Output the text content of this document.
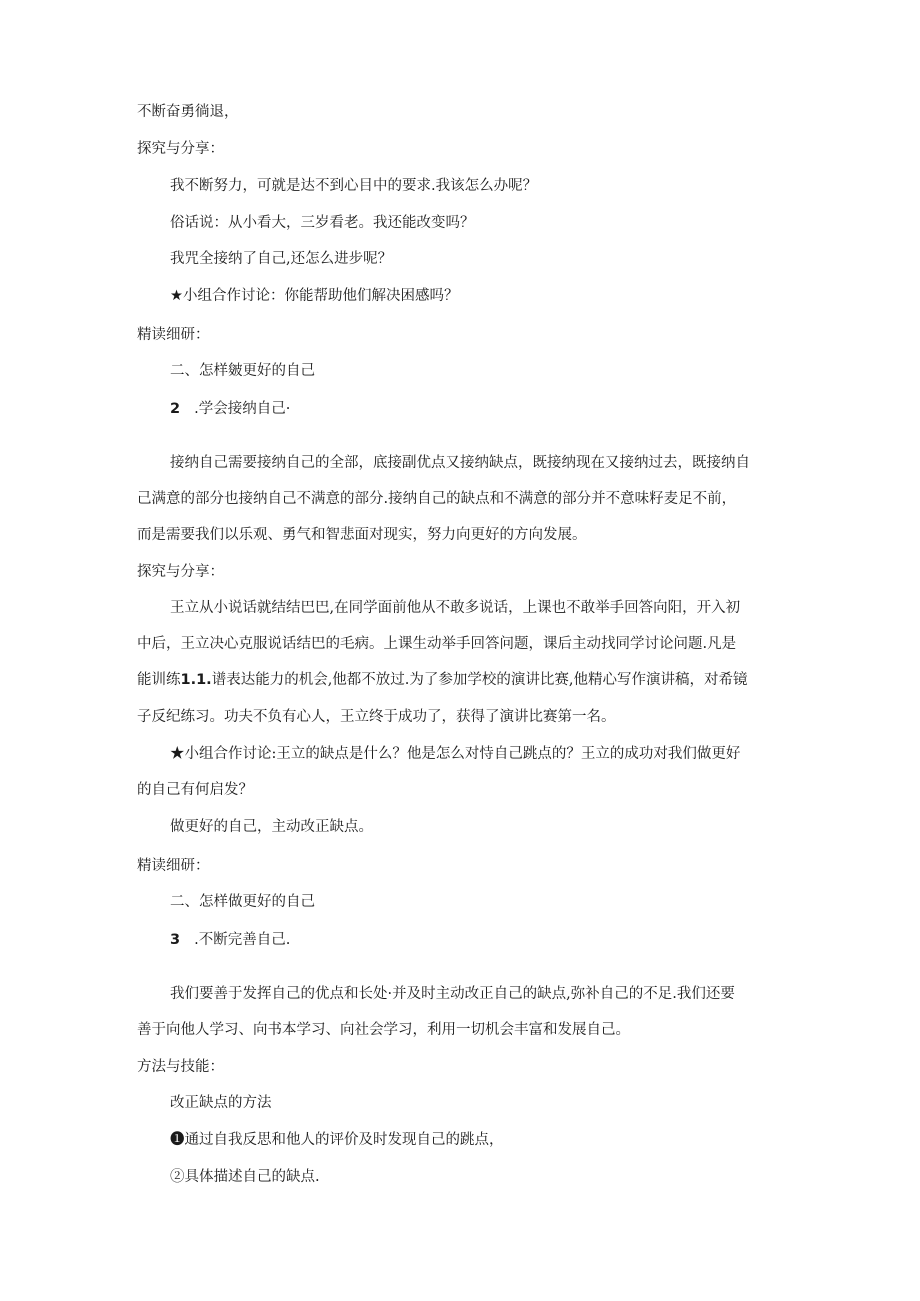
不断奋勇徜退，
探究与分享：
我不断努力，可就是达不到心目中的要求.我该怎么办呢？
俗话说：从小看大，三岁看老。我还能改变吗？
我咒全接纳了自己,还怎么进步呢？
★小组合作讨论：你能帮助他们解决困感吗？
精读细研：
二、怎样皴更好的自己
2 .学会接纳自己·
接纳自己需要接纳自己的全部，底接副优点又接纳缺点，既接纳现在又接纳过去，既接纳自
己满意的部分也接纳自己不满意的部分.接纳自己的缺点和不满意的部分并不意味籽麦足不前，
而是需要我们以乐观、勇气和智悲面对现实，努力向更好的方向发展。
探究与分享：
王立从小说话就结结巴巴,在同学面前他从不敢多说话，上课也不敢举手回答向阳，开入初
中后，王立决心克服说话结巴的毛病。上课生动举手回答问题，课后主动找同学讨论问题.凡是
能训练1.1.谱表达能力的机会,他都不放过.为了参加学校的演讲比赛,他精心写作演讲稿，对希镜
子反纪练习。功夫不负有心人，王立终于成功了，获得了演讲比赛第一名。
★小组合作讨论:王立的缺点是什么？他是怎么对恃自己跳点的？王立的成功对我们做更好
的自己有何启发？
做更好的自己，主动改正缺点。
精读细研：
二、怎样做更好的自己
3 .不断完善自己.
我们要善于发挥自己的优点和长处·并及时主动改正自己的缺点,弥补自己的不足.我们还要
善于向他人学习、向书本学习、向社会学习，利用一切机会丰富和发展自己。
方法与技能：
改正缺点的方法
❶通过自我反思和他人的评价及时发现自己的跳点，
②具体描述自己的缺点.
